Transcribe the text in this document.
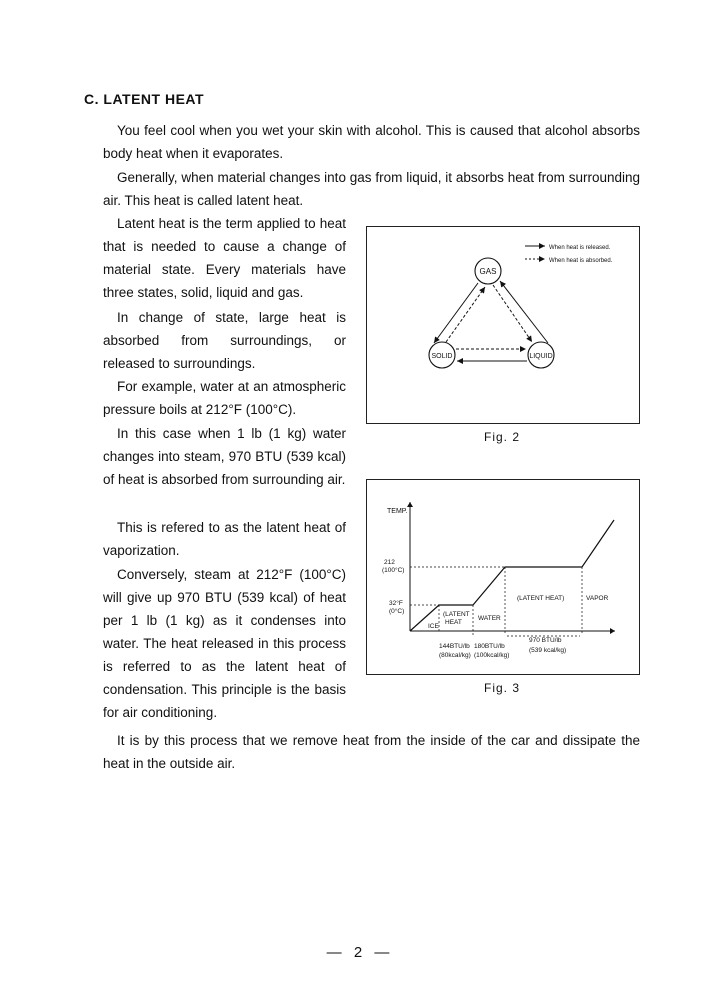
C. LATENT HEAT

You feel cool when you wet your skin with alcohol. This is caused that alcohol absorbs body heat when it evaporates.

Generally, when material changes into gas from liquid, it absorbs heat from surrounding air. This heat is called latent heat.

Latent heat is the term applied to heat that is needed to cause a change of material state. Every materials have three states, solid, liquid and gas.

In change of state, large heat is absorbed from surroundings, or released to surroundings.

For example, water at an atmospheric pressure boils at 212°F (100°C).

In this case when 1 lb (1 kg) water changes into steam, 970 BTU (539 kcal) of heat is absorbed from surrounding air.

This is refered to as the latent heat of vaporization.

Conversely, steam at 212°F (100°C) will give up 970 BTU (539 kcal) of heat per 1 lb (1 kg) as it condenses into water. The heat released in this process is referred to as the latent heat of condensation. This principle is the basis for air conditioning.

It is by this process that we remove heat from the inside of the car and dissipate the heat in the outside air.

When heat is released.
When heat is absorbed.
GAS
SOLID	LIQUID
Fig. 2
TEMP.
212
(100°C)
32°F
(0°C)
ICE
(LATENT
HEAT
WATER
(LATENT HEAT)	VAPOR
144BTU/lb
(80kcal/kg)
180BTU/lb
(100kcal/kg)
970 BTU/lb
(539 kcal/kg)
Fig. 3
— 2 —
